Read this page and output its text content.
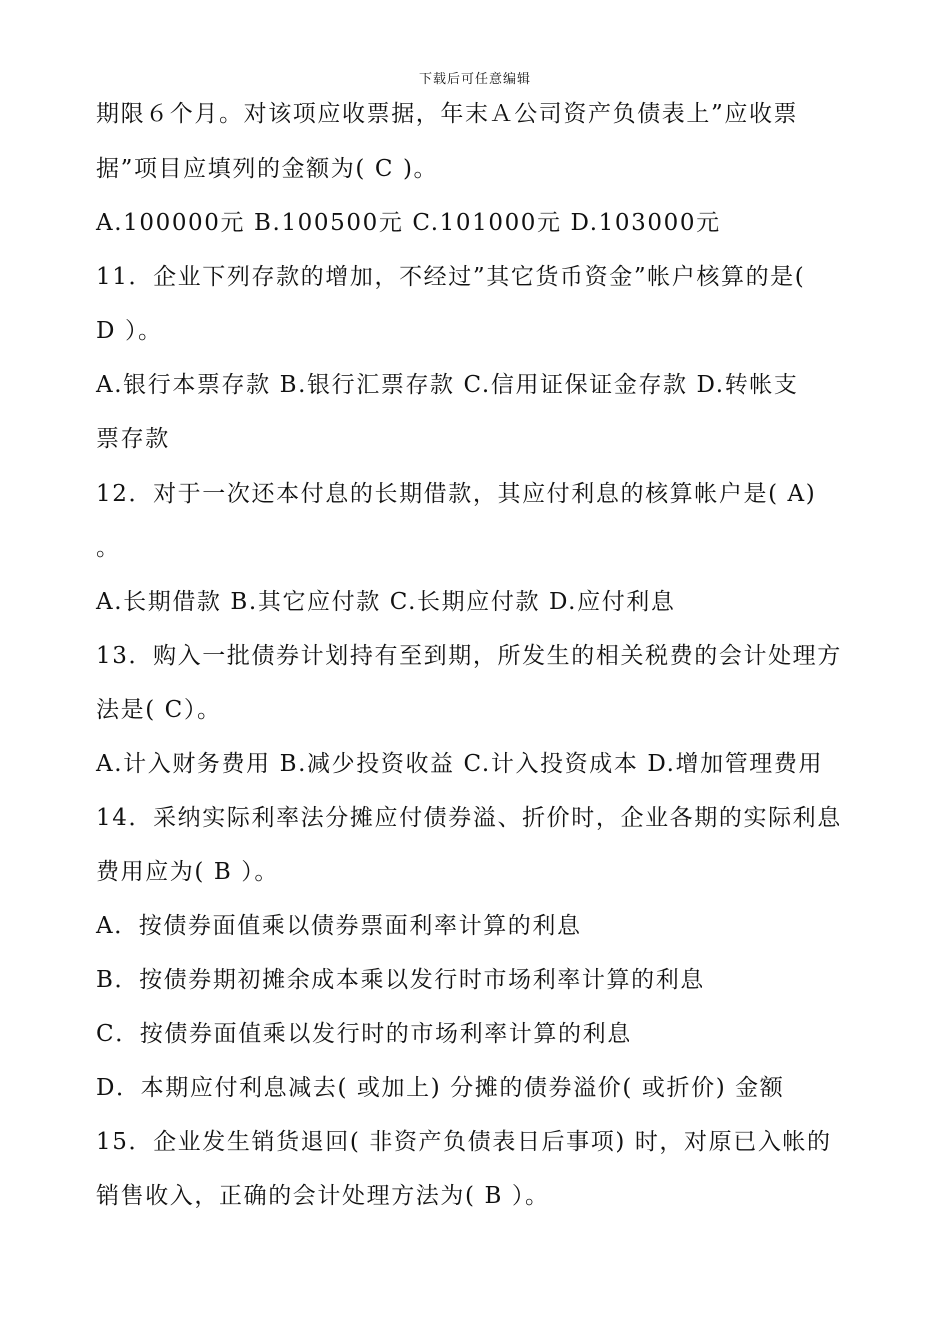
下载后可任意编辑
期限６个月。对该项应收票据，年末Ａ公司资产负债表上”应收票
据”项目应填列的金额为( C )。
A.100000元 B.100500元 C.101000元 D.103000元
11．企业下列存款的增加，不经过”其它货币资金”帐户核算的是(
D ）。
A.银行本票存款 B.银行汇票存款 C.信用证保证金存款 D.转帐支
票存款
12．对于一次还本付息的长期借款，其应付利息的核算帐户是( A)
。
A.长期借款 B.其它应付款 C.长期应付款 D.应付利息
13．购入一批债券计划持有至到期，所发生的相关税费的会计处理方
法是( C）。
A.计入财务费用 B.减少投资收益 C.计入投资成本 D.增加管理费用
14．采纳实际利率法分摊应付债券溢、折价时，企业各期的实际利息
费用应为( B ）。
A．按债券面值乘以债券票面利率计算的利息
B．按债券期初摊余成本乘以发行时市场利率计算的利息
C．按债券面值乘以发行时的市场利率计算的利息
D．本期应付利息减去( 或加上) 分摊的债券溢价( 或折价) 金额
15．企业发生销货退回( 非资产负债表日后事项) 时，对原已入帐的
销售收入，正确的会计处理方法为( B ）。
